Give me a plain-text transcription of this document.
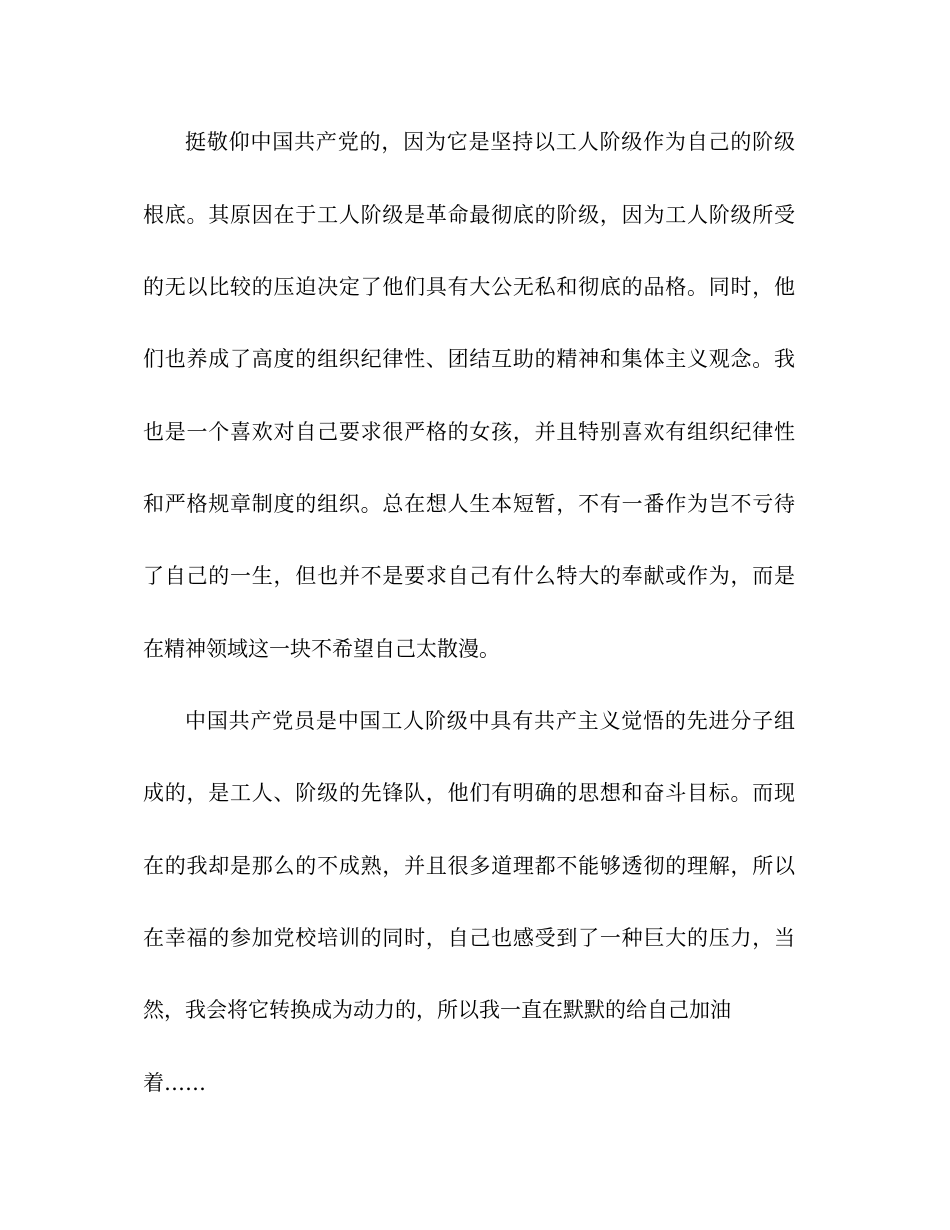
挺敬仰中国共产党的，因为它是坚持以工人阶级作为自己的阶级
根底。其原因在于工人阶级是革命最彻底的阶级，因为工人阶级所受
的无以比较的压迫决定了他们具有大公无私和彻底的品格。同时，他
们也养成了高度的组织纪律性、团结互助的精神和集体主义观念。我
也是一个喜欢对自己要求很严格的女孩，并且特别喜欢有组织纪律性
和严格规章制度的组织。总在想人生本短暂，不有一番作为岂不亏待
了自己的一生，但也并不是要求自己有什么特大的奉献或作为，而是
在精神领域这一块不希望自己太散漫。
中国共产党员是中国工人阶级中具有共产主义觉悟的先进分子组
成的，是工人、阶级的先锋队，他们有明确的思想和奋斗目标。而现
在的我却是那么的不成熟，并且很多道理都不能够透彻的理解，所以
在幸福的参加党校培训的同时，自己也感受到了一种巨大的压力，当
然，我会将它转换成为动力的，所以我一直在默默的给自己加油
着……
